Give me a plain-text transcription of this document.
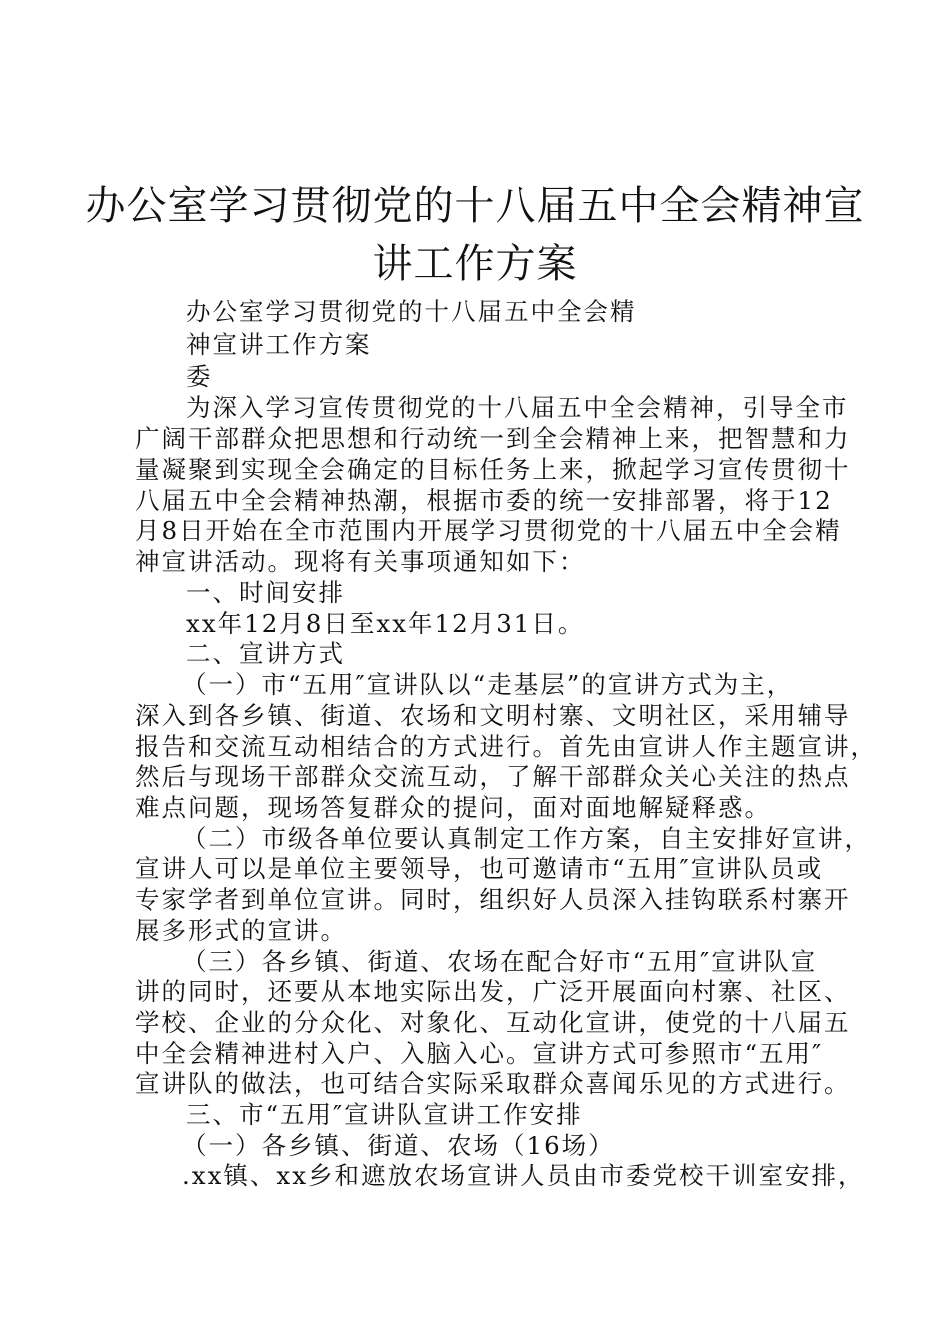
办公室学习贯彻党的十八届五中全会精神宣
讲工作方案
办公室学习贯彻党的十八届五中全会精
神宣讲工作方案
委
为深入学习宣传贯彻党的十八届五中全会精神，引导全市
广阔干部群众把思想和行动统一到全会精神上来，把智慧和力
量凝聚到实现全会确定的目标任务上来，掀起学习宣传贯彻十
八届五中全会精神热潮，根据市委的统一安排部署，将于12
月8日开始在全市范围内开展学习贯彻党的十八届五中全会精
神宣讲活动。现将有关事项通知如下：
一、时间安排
xx年12月8日至xx年12月31日。
二、宣讲方式
（一）市“五用″宣讲队以“走基层”的宣讲方式为主，
深入到各乡镇、街道、农场和文明村寨、文明社区，采用辅导
报告和交流互动相结合的方式进行。首先由宣讲人作主题宣讲，
然后与现场干部群众交流互动，了解干部群众关心关注的热点
难点问题，现场答复群众的提问，面对面地解疑释惑。
（二）市级各单位要认真制定工作方案，自主安排好宣讲，
宣讲人可以是单位主要领导，也可邀请市“五用″宣讲队员或
专家学者到单位宣讲。同时，组织好人员深入挂钩联系村寨开
展多形式的宣讲。
（三）各乡镇、街道、农场在配合好市“五用″宣讲队宣
讲的同时，还要从本地实际出发，广泛开展面向村寨、社区、
学校、企业的分众化、对象化、互动化宣讲，使党的十八届五
中全会精神进村入户、入脑入心。宣讲方式可参照市“五用″
宣讲队的做法，也可结合实际采取群众喜闻乐见的方式进行。
三、市“五用″宣讲队宣讲工作安排
（一）各乡镇、街道、农场（16场）
.xx镇、xx乡和遮放农场宣讲人员由市委党校干训室安排，
